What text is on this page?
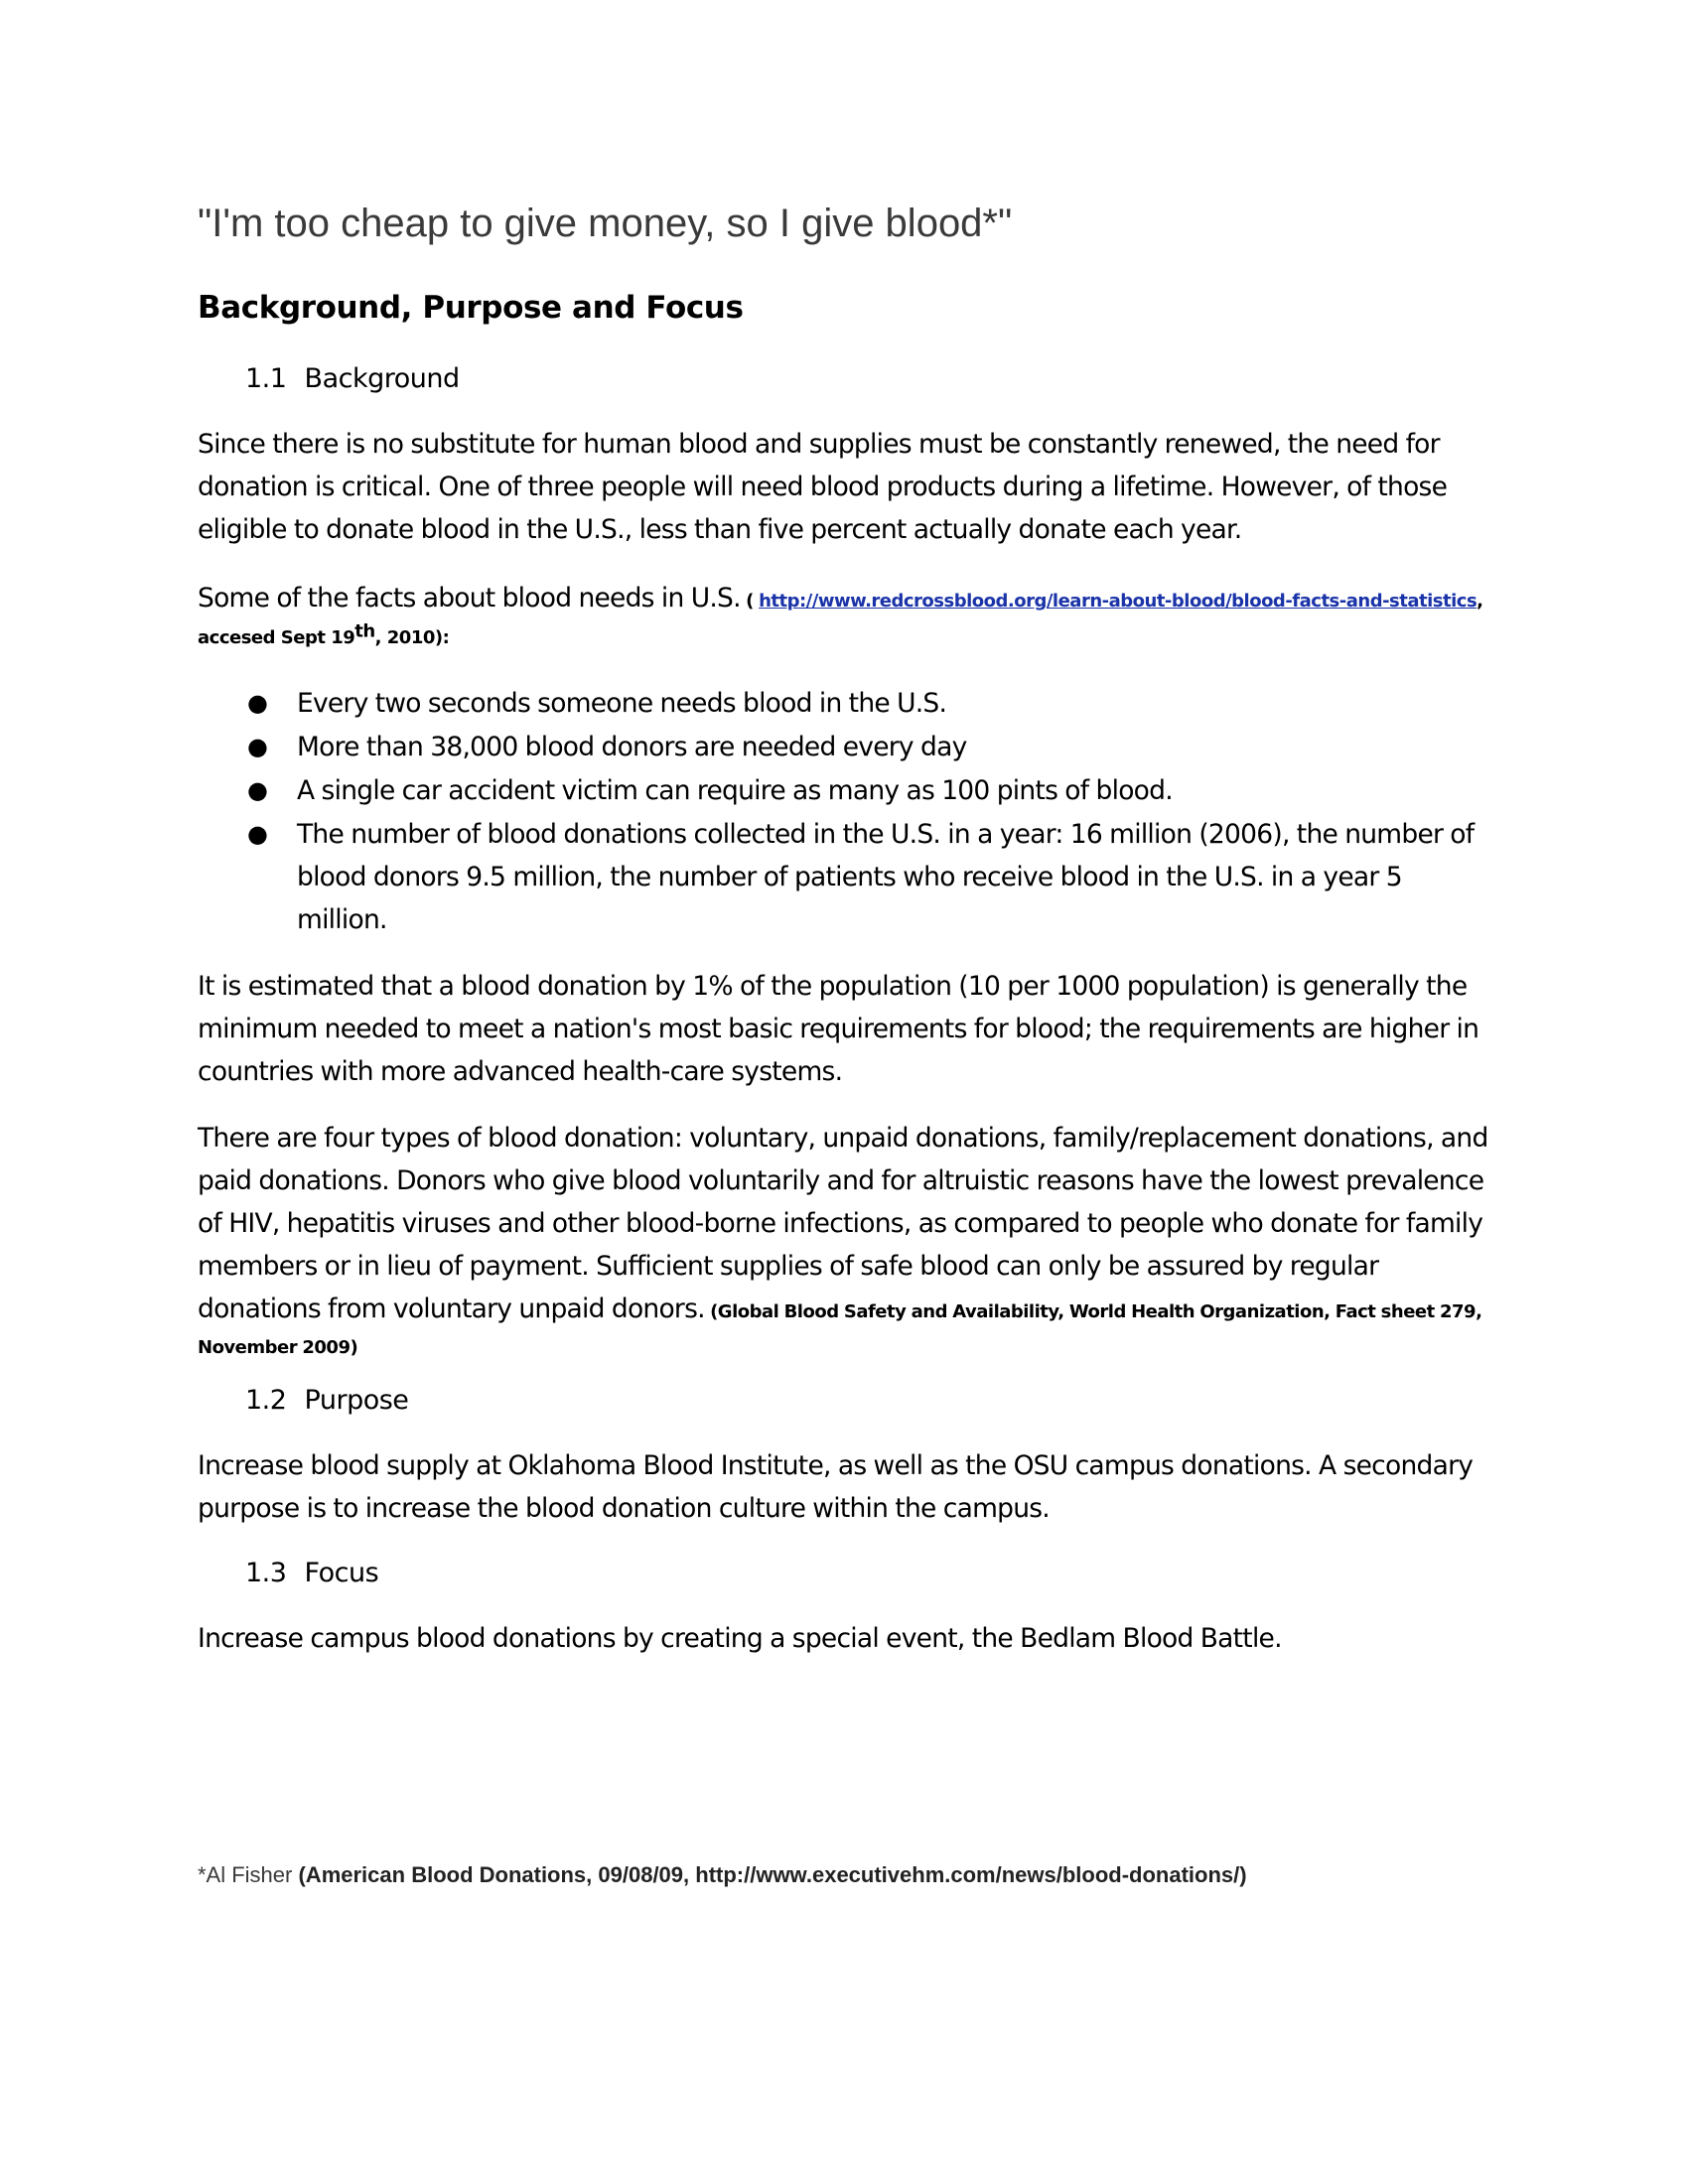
"I'm too cheap to give money, so I give blood*"
Background, Purpose and Focus
1.1 Background
Since there is no substitute for human blood and supplies must be constantly renewed, the need for
donation is critical. One of three people will need blood products during a lifetime. However, of those
eligible to donate blood in the U.S., less than five percent actually donate each year.
Some of the facts about blood needs in U.S. ( http://www.redcrossblood.org/learn-about-blood/blood-facts-and-statistics,
accesed Sept 19th, 2010):
● Every two seconds someone needs blood in the U.S.
● More than 38,000 blood donors are needed every day
● A single car accident victim can require as many as 100 pints of blood.
● The number of blood donations collected in the U.S. in a year: 16 million (2006), the number of
blood donors 9.5 million, the number of patients who receive blood in the U.S. in a year 5
million.
It is estimated that a blood donation by 1% of the population (10 per 1000 population) is generally the
minimum needed to meet a nation's most basic requirements for blood; the requirements are higher in
countries with more advanced health-care systems.
There are four types of blood donation: voluntary, unpaid donations, family/replacement donations, and
paid donations. Donors who give blood voluntarily and for altruistic reasons have the lowest prevalence
of HIV, hepatitis viruses and other blood-borne infections, as compared to people who donate for family
members or in lieu of payment. Sufficient supplies of safe blood can only be assured by regular
donations from voluntary unpaid donors. (Global Blood Safety and Availability, World Health Organization, Fact sheet 279,
November 2009)
1.2 Purpose
Increase blood supply at Oklahoma Blood Institute, as well as the OSU campus donations. A secondary
purpose is to increase the blood donation culture within the campus.
1.3 Focus
Increase campus blood donations by creating a special event, the Bedlam Blood Battle.
*Al Fisher (American Blood Donations, 09/08/09, http://www.executivehm.com/news/blood-donations/)
